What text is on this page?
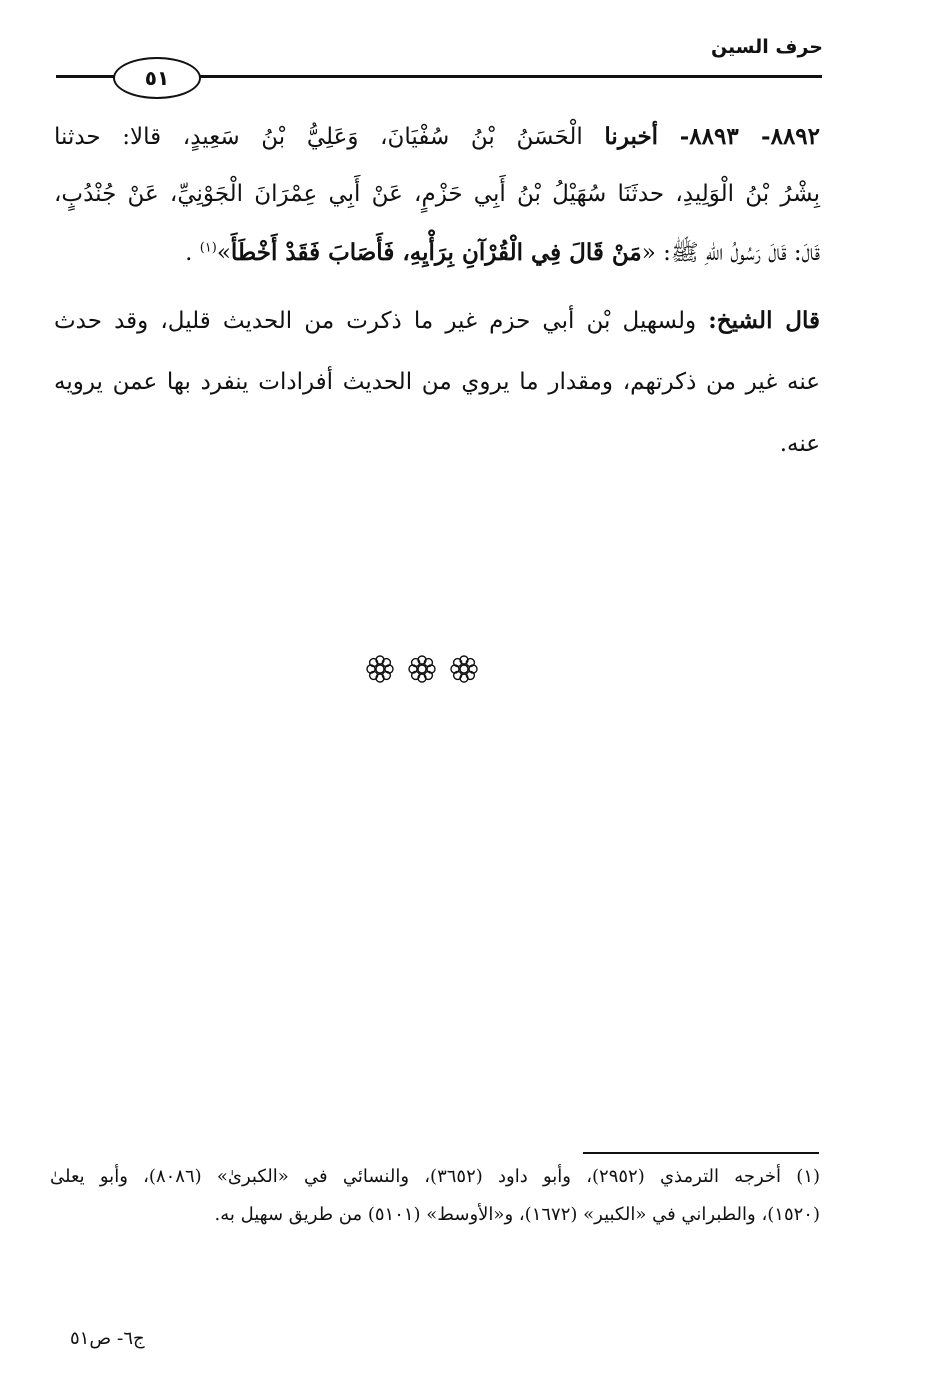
حرف السين
٥١
٨٨٩٢- ٨٨٩٣- أخبرنا الْحَسَنُ بْنُ سُفْيَانَ، وَعَلِيُّ بْنُ سَعِيدٍ، قالا: حدثنا
بِشْرُ بْنُ الْوَلِيدِ، حدثَنَا سُهَيْلُ بْنُ أَبِي حَزْمٍ، عَنْ أَبِي عِمْرَانَ الْجَوْنِيِّ، عَنْ جُنْدُبٍ،
قَالَ: قَالَ رَسُولُ اللهِ ﷺ: «مَنْ قَالَ فِي الْقُرْآنِ بِرَأْيِهِ، فَأَصَابَ فَقَدْ أَخْطَأَ»$^{(١)}$ .
قال الشيخ: ولسهيل بْن أبي حزم غير ما ذكرت من الحديث قليل، وقد حدث
عنه غير من ذكرتهم، ومقدار ما يروي من الحديث أفرادات ينفرد بها عمن يرويه
عنه.
(١) أخرجه الترمذي (٢٩٥٢)، وأبو داود (٣٦٥٢)، والنسائي في «الكبرىٰ» (٨٠٨٦)، وأبو يعلىٰ
(١٥٢٠)، والطبراني في «الكبير» (١٦٧٢)، و«الأوسط» (٥١٠١) من طريق سهيل به.
ج٦- ص٥١
